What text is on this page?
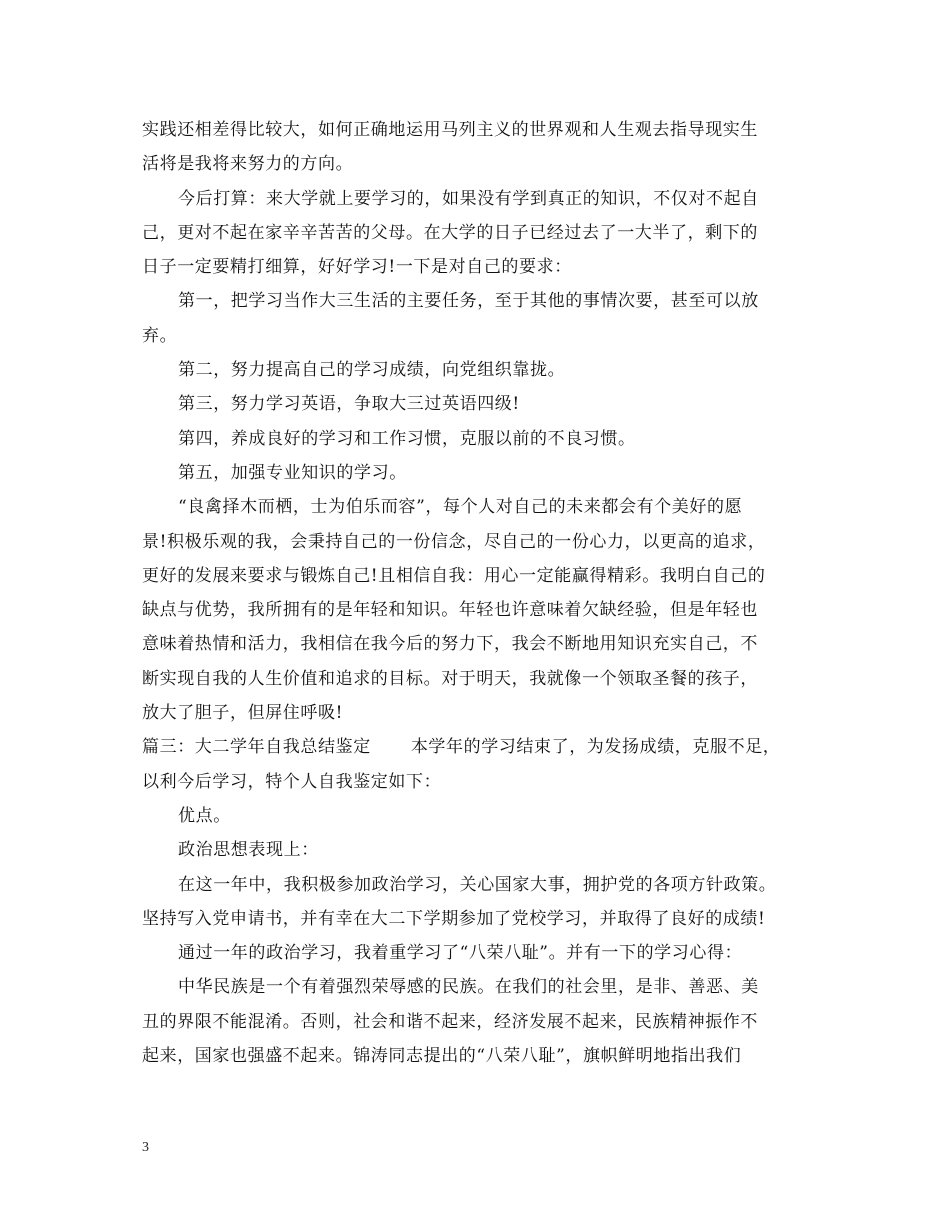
实践还相差得比较大，如何正确地运用马列主义的世界观和人生观去指导现实生
活将是我将来努力的方向。
今后打算：来大学就上要学习的，如果没有学到真正的知识，不仅对不起自
己，更对不起在家辛辛苦苦的父母。在大学的日子已经过去了一大半了，剩下的
日子一定要精打细算，好好学习!一下是对自己的要求：
第一，把学习当作大三生活的主要任务，至于其他的事情次要，甚至可以放
弃。
第二，努力提高自己的学习成绩，向党组织靠拢。
第三，努力学习英语，争取大三过英语四级!
第四，养成良好的学习和工作习惯，克服以前的不良习惯。
第五，加强专业知识的学习。
“良禽择木而栖，士为伯乐而容”，每个人对自己的未来都会有个美好的愿
景!积极乐观的我，会秉持自己的一份信念，尽自己的一份心力，以更高的追求，
更好的发展来要求与锻炼自己!且相信自我：用心一定能赢得精彩。我明白自己的
缺点与优势，我所拥有的是年轻和知识。年轻也许意味着欠缺经验，但是年轻也
意味着热情和活力，我相信在我今后的努力下，我会不断地用知识充实自己，不
断实现自我的人生价值和追求的目标。对于明天，我就像一个领取圣餐的孩子，
放大了胆子，但屏住呼吸!
篇三：大二学年自我总结鉴定 本学年的学习结束了，为发扬成绩，克服不足，
以利今后学习，特个人自我鉴定如下：
优点。
政治思想表现上：
在这一年中，我积极参加政治学习，关心国家大事，拥护党的各项方针政策。
坚持写入党申请书，并有幸在大二下学期参加了党校学习，并取得了良好的成绩!
通过一年的政治学习，我着重学习了“八荣八耻”。并有一下的学习心得：
中华民族是一个有着强烈荣辱感的民族。在我们的社会里，是非、善恶、美
丑的界限不能混淆。否则，社会和谐不起来，经济发展不起来，民族精神振作不
起来，国家也强盛不起来。锦涛同志提出的“八荣八耻”，旗帜鲜明地指出我们
3
